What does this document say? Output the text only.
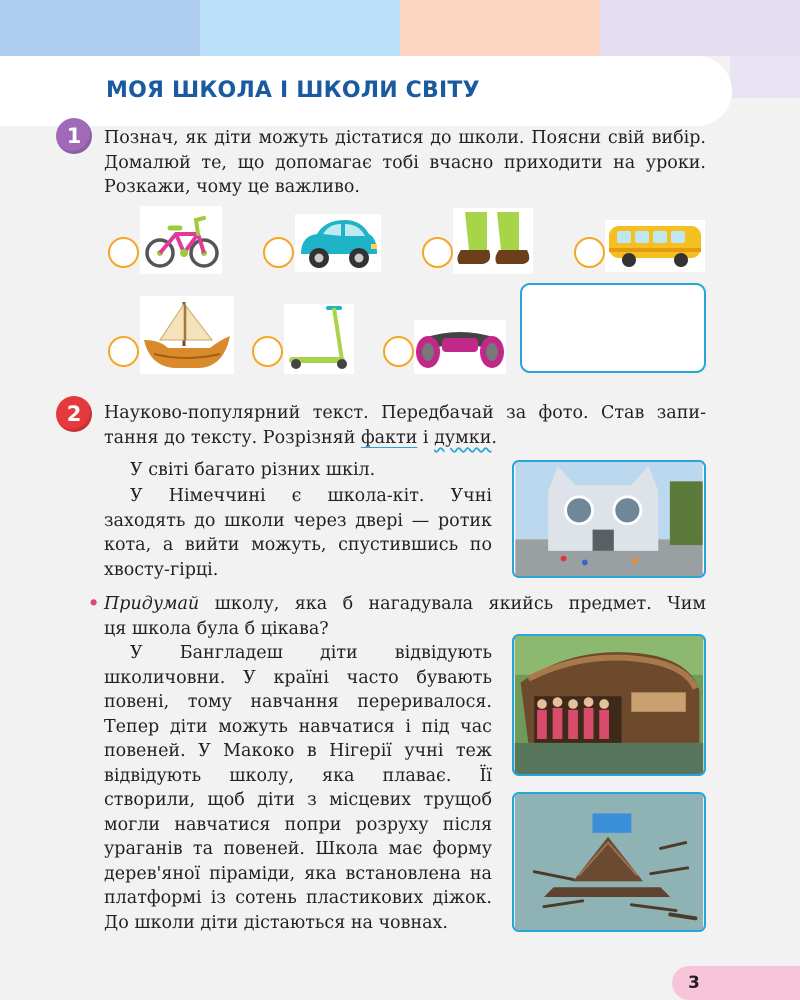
МОЯ ШКОЛА І ШКОЛИ СВІТУ
1	Познач, як діти можуть дістатися до школи. Поясни свій вибір. Домалюй те, що допомагає тобі вчасно приходити на уроки. Розкажи, чому це важливо.
2	Науково-популярний текст. Передбачай за фото. Став запи-
тання до тексту. Розрізняй факти і думки.
У світі багато різних шкіл.
У Німеччині є школа-кіт. Учні заходять до школи через двері — ротик кота, а вийти можуть, спустившись по хвосту-гірці.
• Придумай школу, яка б нагадувала якийсь предмет. Чим
ця школа була б цікава?
У Бангладеш діти відвідують школичовни. У країні часто бувають повені, тому навчання переривалося. Тепер діти можуть навчатися і під час повеней. У Макоко в Нігерії учні теж відвідують школу, яка плаває. Її створили, щоб діти з місцевих трущоб могли навчатися попри розруху після ураганів та повеней. Школа має форму дерев'яної піраміди, яка встановлена на платформі із сотень пластикових діжок. До школи діти дістаються на човнах.
3
